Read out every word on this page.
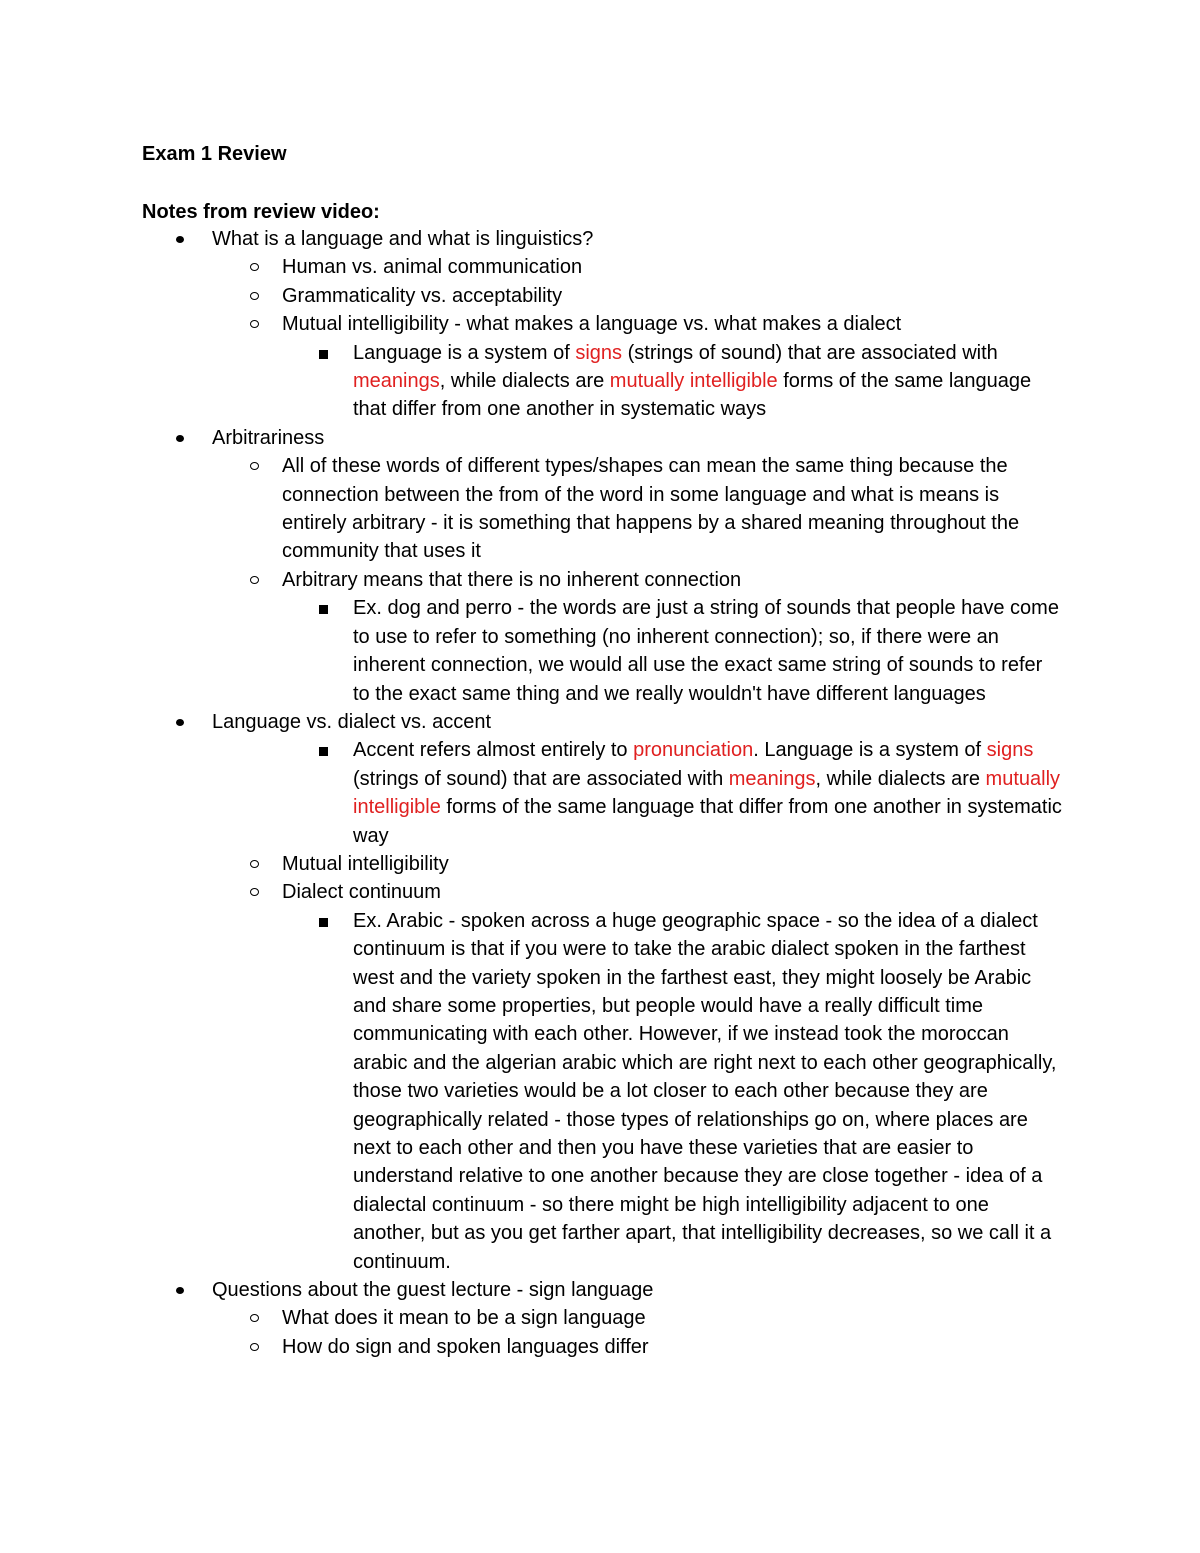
Exam 1 Review
Notes from review video:
What is a language and what is linguistics?
Human vs. animal communication
Grammaticality vs. acceptability
Mutual intelligibility - what makes a language vs. what makes a dialect
Language is a system of signs (strings of sound) that are associated with meanings, while dialects are mutually intelligible forms of the same language that differ from one another in systematic ways
Arbitrariness
All of these words of different types/shapes can mean the same thing because the connection between the from of the word in some language and what is means is entirely arbitrary - it is something that happens by a shared meaning throughout the community that uses it
Arbitrary means that there is no inherent connection
Ex. dog and perro - the words are just a string of sounds that people have come to use to refer to something (no inherent connection); so, if there were an inherent connection, we would all use the exact same string of sounds to refer to the exact same thing and we really wouldn't have different languages
Language vs. dialect vs. accent
Accent refers almost entirely to pronunciation. Language is a system of signs (strings of sound) that are associated with meanings, while dialects are mutually intelligible forms of the same language that differ from one another in systematic way
Mutual intelligibility
Dialect continuum
Ex. Arabic - spoken across a huge geographic space - so the idea of a dialect continuum is that if you were to take the arabic dialect spoken in the farthest west and the variety spoken in the farthest east, they might loosely be Arabic and share some properties, but people would have a really difficult time communicating with each other. However, if we instead took the moroccan arabic and the algerian arabic which are right next to each other geographically, those two varieties would be a lot closer to each other because they are geographically related - those types of relationships go on, where places are next to each other and then you have these varieties that are easier to understand relative to one another because they are close together - idea of a dialectal continuum - so there might be high intelligibility adjacent to one another, but as you get farther apart, that intelligibility decreases, so we call it a continuum.
Questions about the guest lecture - sign language
What does it mean to be a sign language
How do sign and spoken languages differ
